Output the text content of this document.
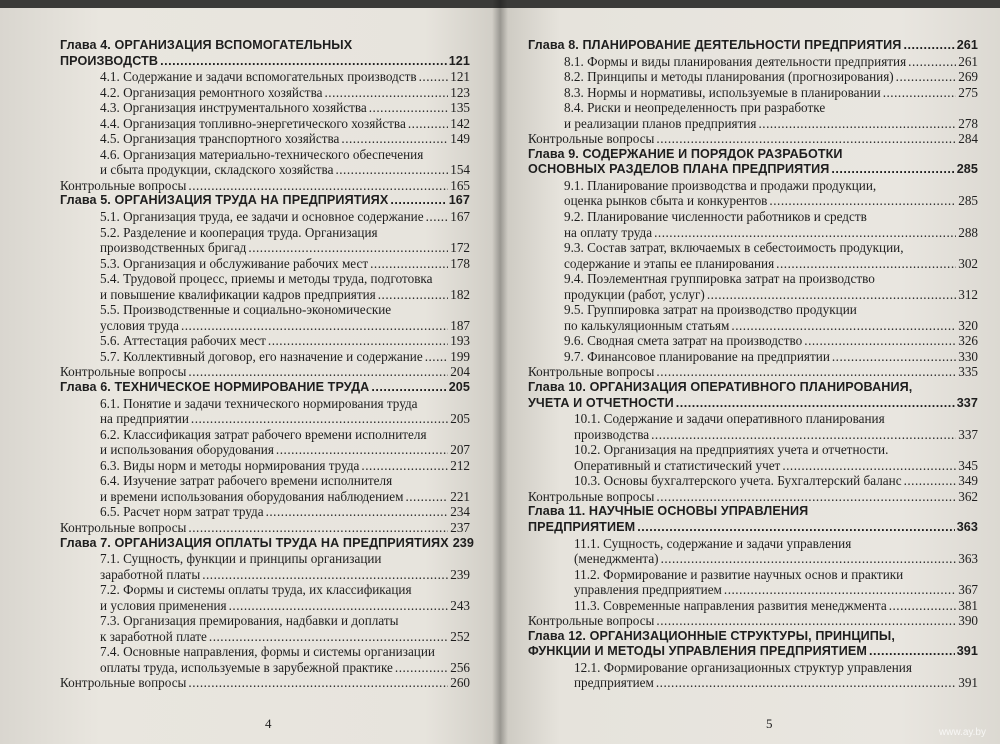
Глава 4. ОРГАНИЗАЦИЯ ВСПОМОГАТЕЛЬНЫХ
ПРОИЗВОДСТВ .....	121
4.1. Содержание и задачи вспомогательных производств .....	121
4.2. Организация ремонтного хозяйства .....	123
4.3. Организация инструментального хозяйства .....	135
4.4. Организация топливно-энергетического хозяйства .....	142
4.5. Организация транспортного хозяйства .....	149
4.6. Организация материально-технического обеспечения
и сбыта продукции, складского хозяйства .....	154
Контрольные вопросы .....	165
Глава 5. ОРГАНИЗАЦИЯ ТРУДА НА ПРЕДПРИЯТИЯХ .....	167
5.1. Организация труда, ее задачи и основное содержание ..... 167
5.2. Разделение и кооперация труда. Организация
производственных бригад .....	172
5.3. Организация и обслуживание рабочих мест .....	178
5.4. Трудовой процесс, приемы и методы труда, подготовка
и повышение квалификации кадров предприятия .....	182
5.5. Производственные и социально-экономические
условия труда .....	187
5.6. Аттестация рабочих мест .....	193
5.7. Коллективный договор, его назначение и содержание ..... 199
Контрольные вопросы .....	204
Глава 6. ТЕХНИЧЕСКОЕ НОРМИРОВАНИЕ ТРУДА .....	205
6.1. Понятие и задачи технического нормирования труда
на предприятии .....	205
6.2. Классификация затрат рабочего времени исполнителя
и использования оборудования .....	207
6.3. Виды норм и методы нормирования труда .....	212
6.4. Изучение затрат рабочего времени исполнителя
и времени использования оборудования наблюдением .....	221
6.5. Расчет норм затрат труда .....	234
Контрольные вопросы .....	237
Глава 7. ОРГАНИЗАЦИЯ ОПЛАТЫ ТРУДА НА ПРЕДПРИЯТИЯХ 239
7.1. Сущность, функции и принципы организации
заработной платы .....	239
7.2. Формы и системы оплаты труда, их классификация
и условия применения .....	243
7.3. Организация премирования, надбавки и доплаты
к заработной плате .....	252
7.4. Основные направления, формы и системы организации
оплаты труда, используемые в зарубежной практике .....	256
Контрольные вопросы .....	260
4
Глава 8. ПЛАНИРОВАНИЕ ДЕЯТЕЛЬНОСТИ ПРЕДПРИЯТИЯ .....	261
8.1. Формы и виды планирования деятельности предприятия .....	261
8.2. Принципы и методы планирования (прогнозирования) .....	269
8.3. Нормы и нормативы, используемые в планировании .....	275
8.4. Риски и неопределенность при разработке
и реализации планов предприятия .....	278
Контрольные вопросы .....	284
Глава 9. СОДЕРЖАНИЕ И ПОРЯДОК РАЗРАБОТКИ
ОСНОВНЫХ РАЗДЕЛОВ ПЛАНА ПРЕДПРИЯТИЯ .....	285
9.1. Планирование производства и продажи продукции,
оценка рынков сбыта и конкурентов .....	285
9.2. Планирование численности работников и средств
на оплату труда .....	288
9.3. Состав затрат, включаемых в себестоимость продукции,
содержание и этапы ее планирования .....	302
9.4. Поэлементная группировка затрат на производство
продукции (работ, услуг) .....	312
9.5. Группировка затрат на производство продукции
по калькуляционным статьям .....	320
9.6. Сводная смета затрат на производство .....	326
9.7. Финансовое планирование на предприятии .....	330
Контрольные вопросы .....	335
Глава 10. ОРГАНИЗАЦИЯ ОПЕРАТИВНОГО ПЛАНИРОВАНИЯ,
УЧЕТА И ОТЧЕТНОСТИ .....	337
10.1. Содержание и задачи оперативного планирования
производства .....	337
10.2. Организация на предприятиях учета и отчетности.
Оперативный и статистический учет .....	345
10.3. Основы бухгалтерского учета. Бухгалтерский баланс .....	349
Контрольные вопросы .....	362
Глава 11. НАУЧНЫЕ ОСНОВЫ УПРАВЛЕНИЯ
ПРЕДПРИЯТИЕМ .....	363
11.1. Сущность, содержание и задачи управления
(менеджмента) .....	363
11.2. Формирование и развитие научных основ и практики
управления предприятием .....	367
11.3. Современные направления развития менеджмента .....	381
Контрольные вопросы .....	390
Глава 12. ОРГАНИЗАЦИОННЫЕ СТРУКТУРЫ, ПРИНЦИПЫ,
ФУНКЦИИ И МЕТОДЫ УПРАВЛЕНИЯ ПРЕДПРИЯТИЕМ .....	391
12.1. Формирование организационных структур управления
предприятием .....	391
5
www.ay.by
